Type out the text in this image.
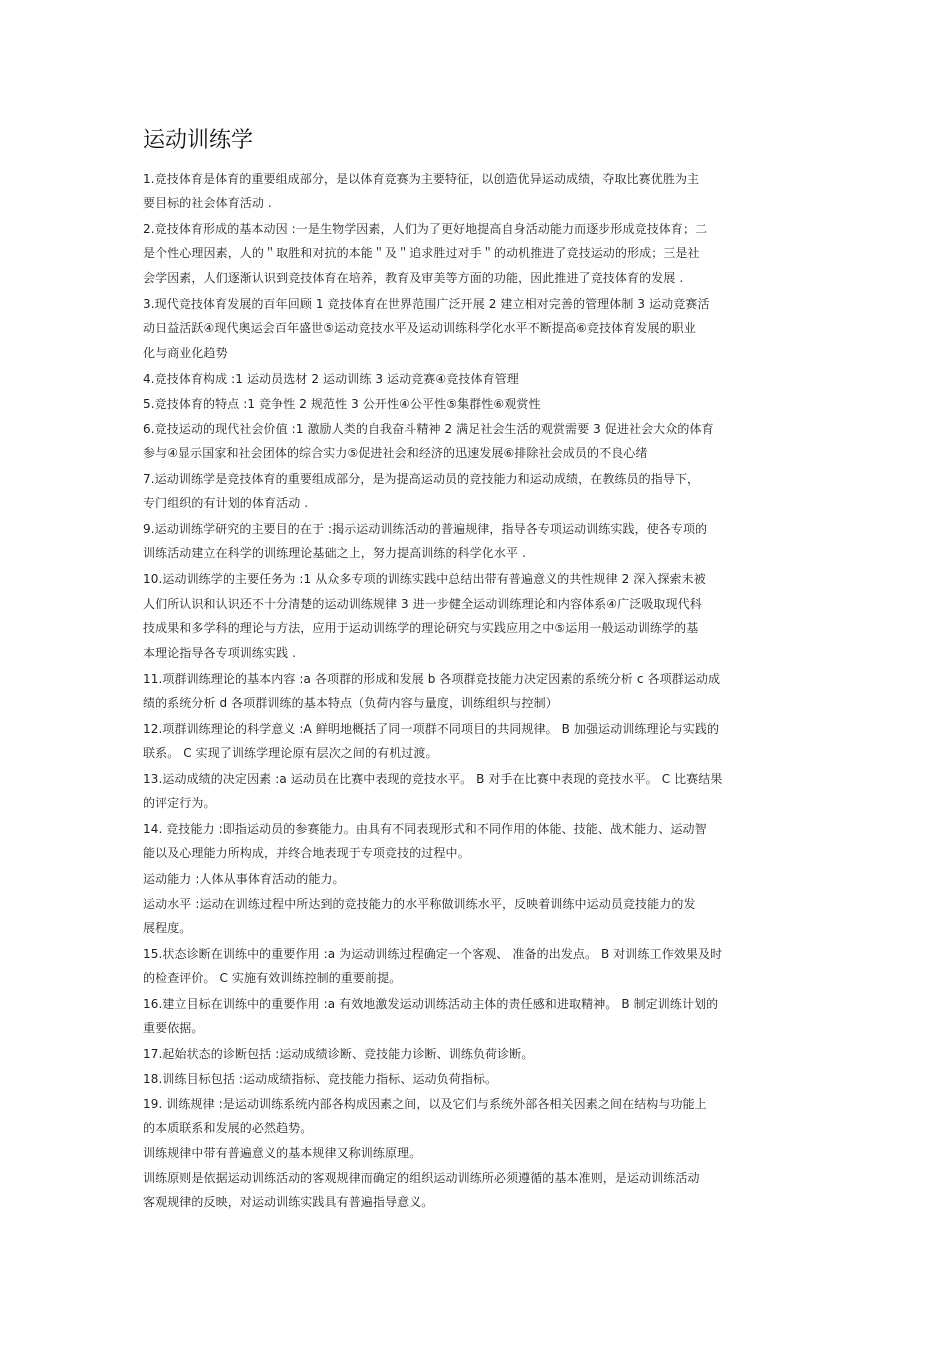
运动训练学
1.竞技体育是体育的重要组成部分，是以体育竞赛为主要特征，以创造优异运动成绩，夺取比赛优胜为主
要目标的社会体育活动 .
2.竞技体育形成的基本动因 :一是生物学因素，人们为了更好地提高自身活动能力而逐步形成竞技体育；二
是个性心理因素，人的＂取胜和对抗的本能＂及＂追求胜过对手＂的动机推进了竞技运动的形成；三是社
会学因素，人们逐渐认识到竞技体育在培养，教育及审美等方面的功能，因此推进了竞技体育的发展 .
3.现代竞技体育发展的百年回顾 1 竞技体育在世界范围广泛开展 2 建立相对完善的管理体制 3 运动竞赛活
动日益活跃④现代奥运会百年盛世⑤运动竞技水平及运动训练科学化水平不断提高⑥竞技体育发展的职业
化与商业化趋势
4.竞技体育构成 :1 运动员选材 2 运动训练 3 运动竞赛④竞技体育管理
5.竞技体育的特点 :1 竞争性 2 规范性 3 公开性④公平性⑤集群性⑥观赏性
6.竞技运动的现代社会价值 :1 激励人类的自我奋斗精神 2 满足社会生活的观赏需要 3 促进社会大众的体育
参与④显示国家和社会团体的综合实力⑤促进社会和经济的迅速发展⑥排除社会成员的不良心绪
7.运动训练学是竞技体育的重要组成部分，是为提高运动员的竞技能力和运动成绩，在教练员的指导下，
专门组织的有计划的体育活动 .
9.运动训练学研究的主要目的在于 :揭示运动训练活动的普遍规律，指导各专项运动训练实践，使各专项的
训练活动建立在科学的训练理论基础之上，努力提高训练的科学化水平 .
10.运动训练学的主要任务为 :1 从众多专项的训练实践中总结出带有普遍意义的共性规律 2 深入探索未被
人们所认识和认识还不十分清楚的运动训练规律 3 进一步健全运动训练理论和内容体系④广泛吸取现代科
技成果和多学科的理论与方法，应用于运动训练学的理论研究与实践应用之中⑤运用一般运动训练学的基
本理论指导各专项训练实践 .
11.项群训练理论的基本内容 :a 各项群的形成和发展 b 各项群竞技能力决定因素的系统分析 c 各项群运动成
绩的系统分析 d 各项群训练的基本特点（负荷内容与量度，训练组织与控制）
12.项群训练理论的科学意义 :A 鲜明地概括了同一项群不同项目的共同规律。 B 加强运动训练理论与实践的
联系。 C 实现了训练学理论原有层次之间的有机过渡。
13.运动成绩的决定因素 :a 运动员在比赛中表现的竞技水平。 B 对手在比赛中表现的竞技水平。 C 比赛结果
的评定行为。
14. 竞技能力 :即指运动员的参赛能力。由具有不同表现形式和不同作用的体能、技能、战术能力、运动智
能以及心理能力所构成，并终合地表现于专项竞技的过程中。
运动能力 :人体从事体育活动的能力。
运动水平 :运动在训练过程中所达到的竞技能力的水平称做训练水平，反映着训练中运动员竞技能力的发
展程度。
15.状态诊断在训练中的重要作用 :a 为运动训练过程确定一个客观、 准备的出发点。 B 对训练工作效果及时
的检查评价。 C 实施有效训练控制的重要前提。
16.建立目标在训练中的重要作用 :a 有效地激发运动训练活动主体的责任感和进取精神。 B 制定训练计划的
重要依据。
17.起始状态的诊断包括 :运动成绩诊断、竞技能力诊断、训练负荷诊断。
18.训练目标包括 :运动成绩指标、竞技能力指标、运动负荷指标。
19. 训练规律 :是运动训练系统内部各构成因素之间，以及它们与系统外部各相关因素之间在结构与功能上
的本质联系和发展的必然趋势。
训练规律中带有普遍意义的基本规律又称训练原理。
训练原则是依据运动训练活动的客观规律而确定的组织运动训练所必须遵循的基本准则，是运动训练活动
客观规律的反映，对运动训练实践具有普遍指导意义。
